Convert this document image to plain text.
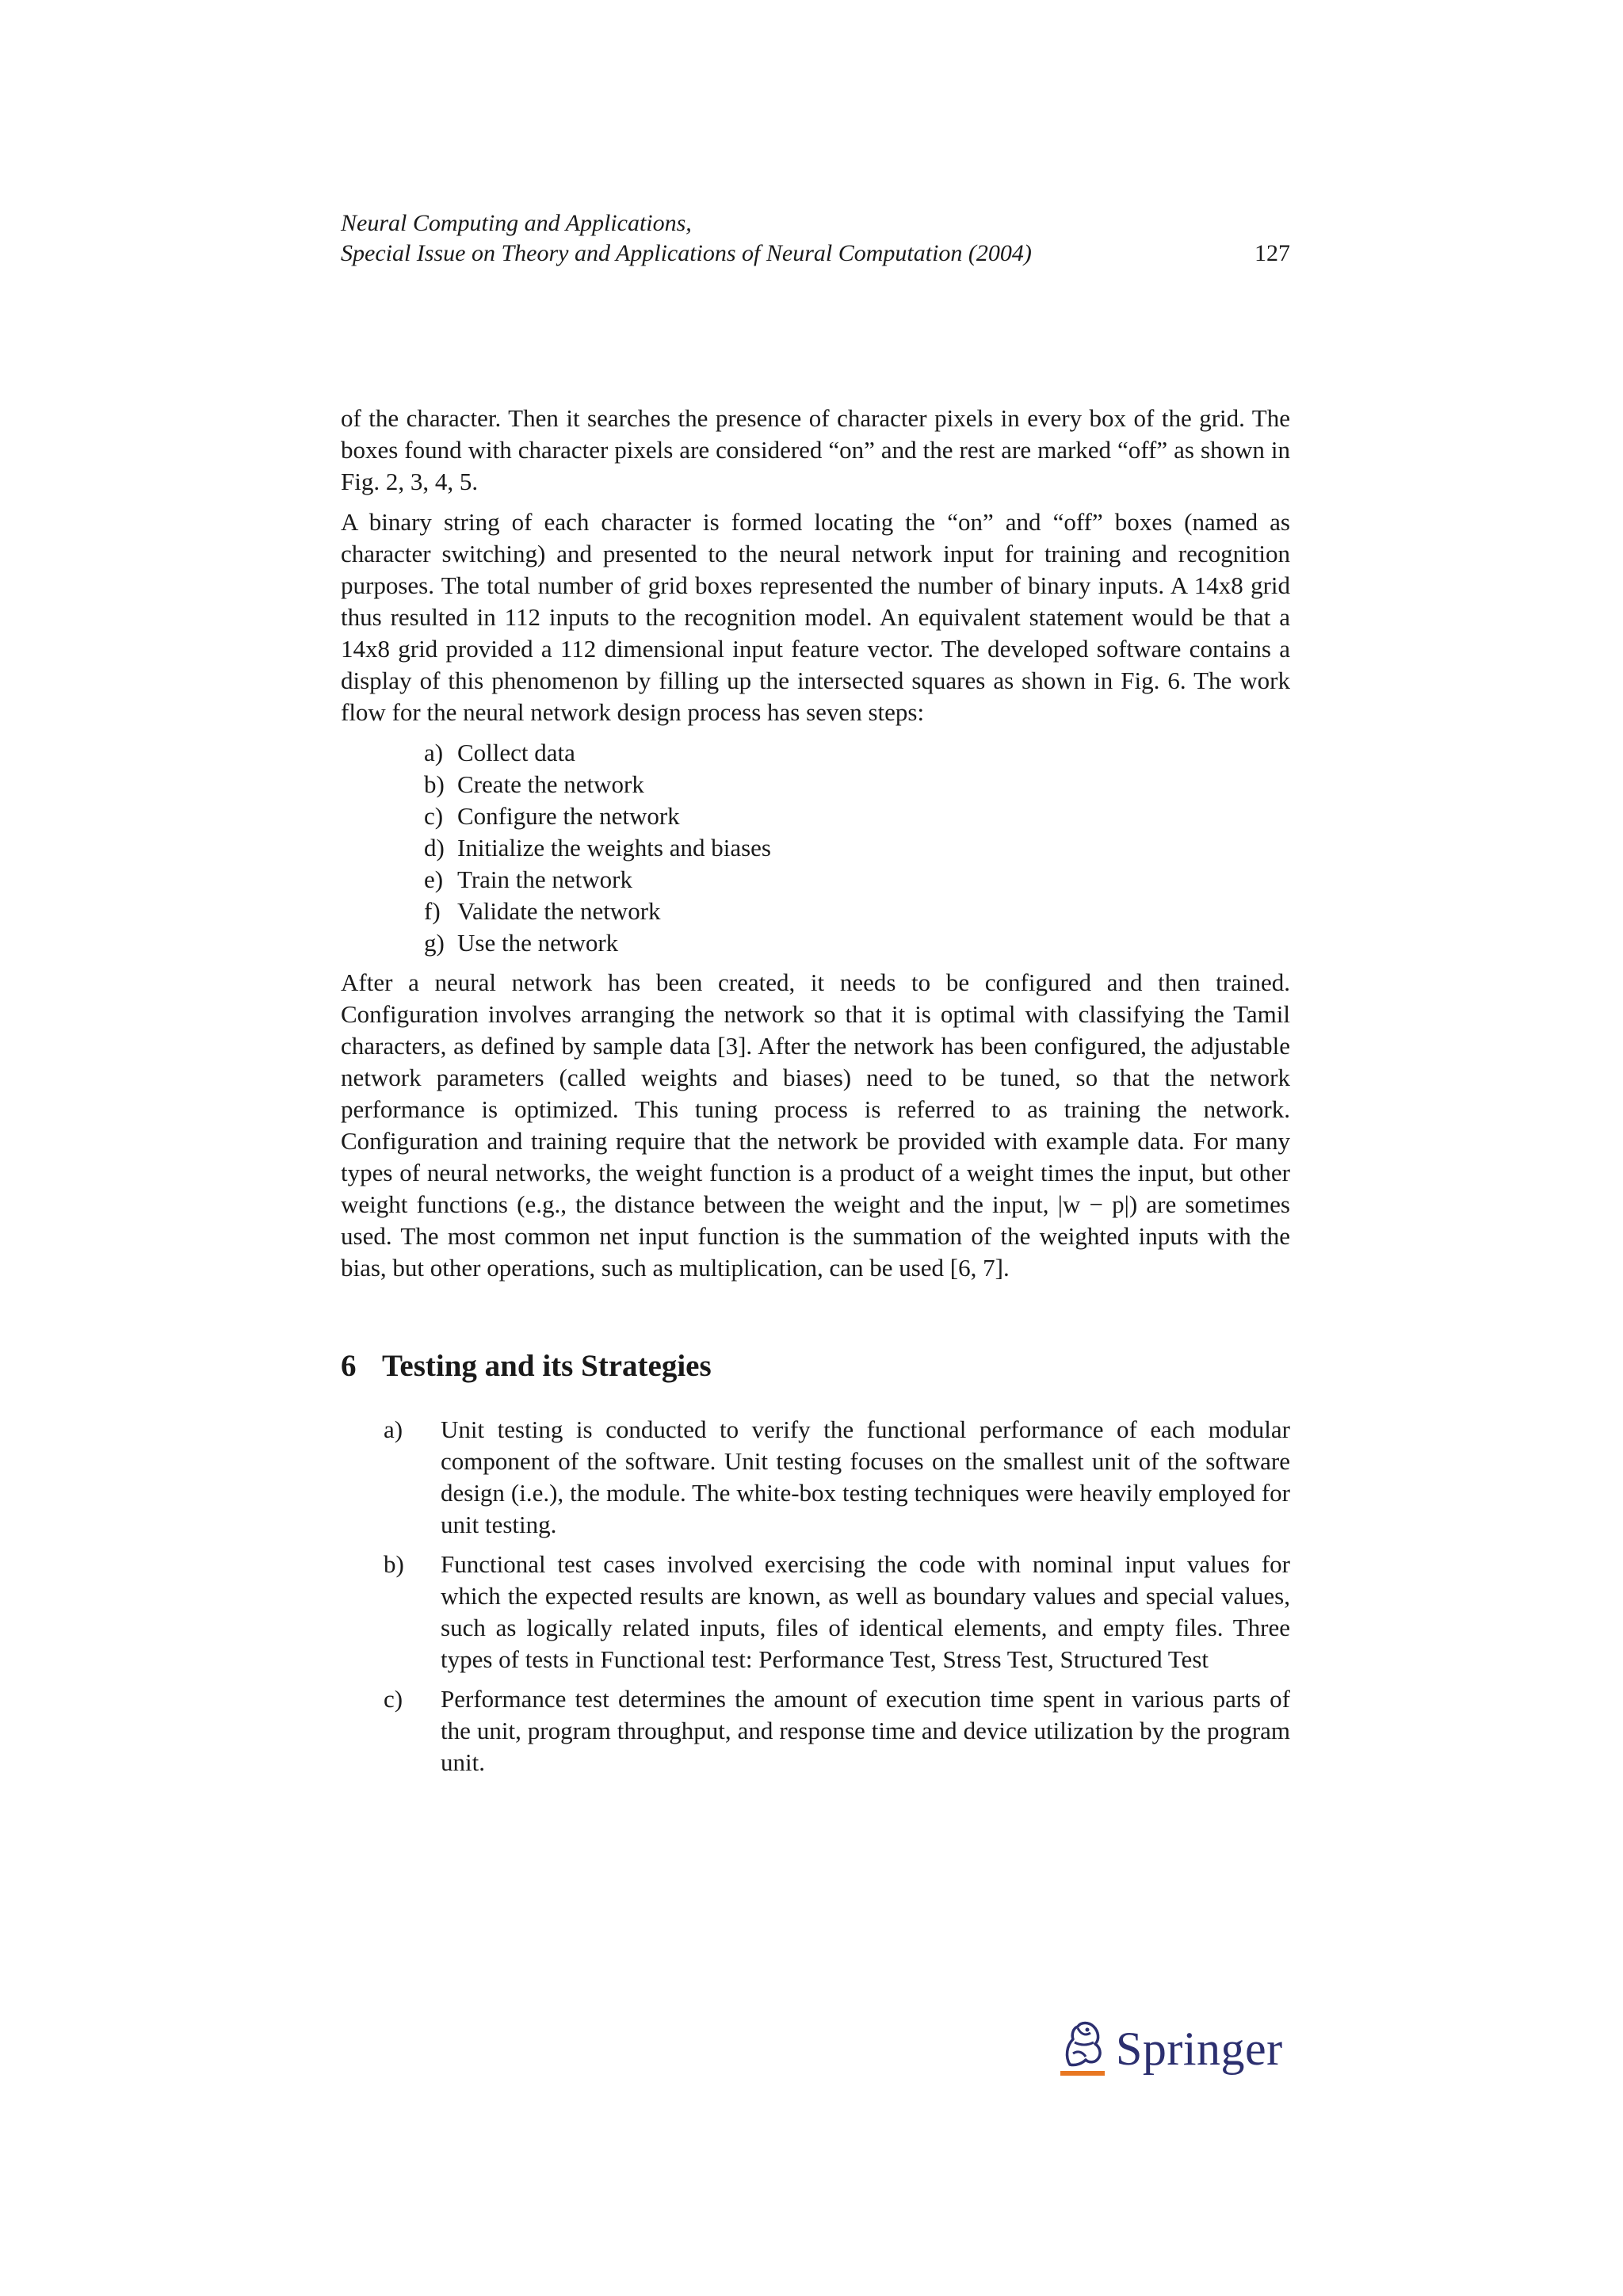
Neural Computing and Applications,
Special Issue on Theory and Applications of Neural Computation (2004)	127

of the character. Then it searches the presence of character pixels in every box of the grid. The boxes found with character pixels are considered “on” and the rest are marked “off” as shown in Fig. 2, 3, 4, 5.

A binary string of each character is formed locating the “on” and “off” boxes (named as character switching) and presented to the neural network input for training and recognition purposes. The total number of grid boxes represented the number of binary inputs. A 14x8 grid thus resulted in 112 inputs to the recognition model. An equivalent statement would be that a 14x8 grid provided a 112 dimensional input feature vector. The developed software contains a display of this phenomenon by filling up the intersected squares as shown in Fig. 6. The work flow for the neural network design process has seven steps:

a) Collect data
b) Create the network
c) Configure the network
d) Initialize the weights and biases
e) Train the network
f) Validate the network
g) Use the network

After a neural network has been created, it needs to be configured and then trained. Configuration involves arranging the network so that it is optimal with classifying the Tamil characters, as defined by sample data [3]. After the network has been configured, the adjustable network parameters (called weights and biases) need to be tuned, so that the network performance is optimized. This tuning process is referred to as training the network. Configuration and training require that the network be provided with example data. For many types of neural networks, the weight function is a product of a weight times the input, but other weight functions (e.g., the distance between the weight and the input, |w − p|) are sometimes used. The most common net input function is the summation of the weighted inputs with the bias, but other operations, such as multiplication, can be used [6, 7].

6 Testing and its Strategies
a)	Unit testing is conducted to verify the functional performance of each modular component of the software. Unit testing focuses on the smallest unit of the software design (i.e.), the module. The white-box testing techniques were heavily employed for unit testing.
b)	Functional test cases involved exercising the code with nominal input values for which the expected results are known, as well as boundary values and special values, such as logically related inputs, files of identical elements, and empty files. Three types of tests in Functional test: Performance Test, Stress Test, Structured Test
c)	Performance test determines the amount of execution time spent in various parts of the unit, program throughput, and response time and device utilization by the program unit.
Springer
